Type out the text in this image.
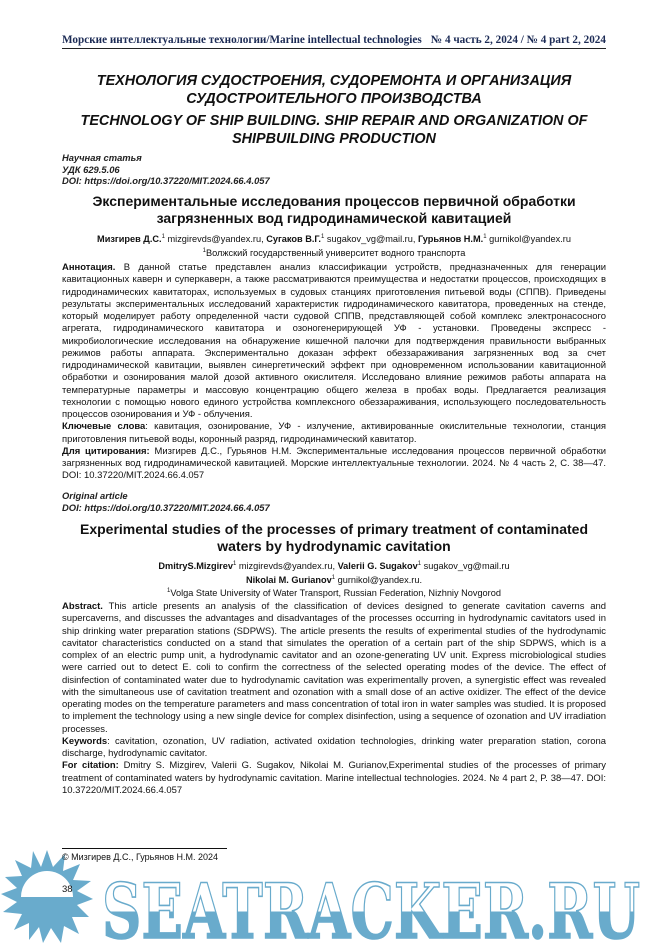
Морские интеллектуальные технологии/Marine intellectual technologies № 4 часть 2, 2024 / № 4 part 2, 2024
ТЕХНОЛОГИЯ СУДОСТРОЕНИЯ, СУДОРЕМОНТА И ОРГАНИЗАЦИЯ
СУДОСТРОИТЕЛЬНОГО ПРОИЗВОДСТВА
TECHNOLOGY OF SHIP BUILDING. SHIP REPAIR AND ORGANIZATION OF
SHIPBUILDING PRODUCTION
Научная статья
УДК 629.5.06
DOI: https://doi.org/10.37220/MIT.2024.66.4.057
Экспериментальные исследования процессов первичной обработки
загрязненных вод гидродинамической кавитацией
Мизгирев Д.С.$^1$ mizgirevds@yandex.ru, Сугаков В.Г.$^1$ sugakov_vg@mail.ru, Гурьянов Н.М.$^1$ gurnikol@yandex.ru
$^1$Волжский государственный университет водного транспорта

Аннотация. В данной статье представлен анализ классификации устройств, предназначенных для генерации кавитационных каверн и суперкаверн, а также рассматриваются преимущества и недостатки процессов, происходящих в гидродинамических кавитаторах, используемых в судовых станциях приготовления питьевой воды (СППВ). Приведены результаты экспериментальных исследований характеристик гидродинамического кавитатора, проведенных на стенде, который моделирует работу определенной части судовой СППВ, представляющей собой комплекс электронасосного агрегата, гидродинамического кавитатора и озоногенерирующей УФ - установки. Проведены экспресс - микробиологические исследования на обнаружение кишечной палочки для подтверждения правильности выбранных режимов работы аппарата. Экспериментально доказан эффект обеззараживания загрязненных вод за счет гидродинамической кавитации, выявлен синергетический эффект при одновременном использовании кавитационной обработки и озонирования малой дозой активного окислителя. Исследовано влияние режимов работы аппарата на температурные параметры и массовую концентрацию общего железа в пробах воды. Предлагается реализация технологии с помощью нового единого устройства комплексного обеззараживания, использующего последовательность процессов озонирования и УФ - облучения.

Ключевые слова: кавитация, озонирование, УФ - излучение, активированные окислительные технологии, станция приготовления питьевой воды, коронный разряд, гидродинамический кавитатор.

Для цитирования: Мизгирев Д.С., Гурьянов Н.М. Экспериментальные исследования процессов первичной обработки загрязненных вод гидродинамической кавитацией. Морские интеллектуальные технологии. 2024. № 4 часть 2, С. 38—47. DOI: 10.37220/MIT.2024.66.4.057

Original article
DOI: https://doi.org/10.37220/MIT.2024.66.4.057
Experimental studies of the processes of primary treatment of contaminated
waters by hydrodynamic cavitation
DmitryS.Mizgirev$^1$ mizgirevds@yandex.ru, Valerii G. Sugakov$^1$ sugakov_vg@mail.ru
Nikolai M. Gurianov$^1$ gurnikol@yandex.ru.
$^1$Volga State University of Water Transport, Russian Federation, Nizhniy Novgorod

Abstract. This article presents an analysis of the classification of devices designed to generate cavitation caverns and supercaverns, and discusses the advantages and disadvantages of the processes occurring in hydrodynamic cavitators used in ship drinking water preparation stations (SDPWS). The article presents the results of experimental studies of the hydrodynamic cavitator characteristics conducted on a stand that simulates the operation of a certain part of the ship SDPWS, which is a complex of an electric pump unit, a hydrodynamic cavitator and an ozone-generating UV unit. Express microbiological studies were carried out to detect E. coli to confirm the correctness of the selected operating modes of the device. The effect of disinfection of contaminated water due to hydrodynamic cavitation was experimentally proven, a synergistic effect was revealed with the simultaneous use of cavitation treatment and ozonation with a small dose of an active oxidizer. The effect of the device operating modes on the temperature parameters and mass concentration of total iron in water samples was studied. It is proposed to implement the technology using a new single device for complex disinfection, using a sequence of ozonation and UV irradiation processes.

Keywords: cavitation, ozonation, UV radiation, activated oxidation technologies, drinking water preparation station, corona discharge, hydrodynamic cavitator.

For citation: Dmitry S. Mizgirev, Valerii G. Sugakov, Nikolai M. Gurianov,Experimental studies of the processes of primary treatment of contaminated waters by hydrodynamic cavitation. Marine intellectual technologies. 2024. № 4 part 2, P. 38—47. DOI: 10.37220/MIT.2024.66.4.057

SEATRACKER.RU
© Мизгирев Д.С., Гурьянов Н.М. 2024
38
